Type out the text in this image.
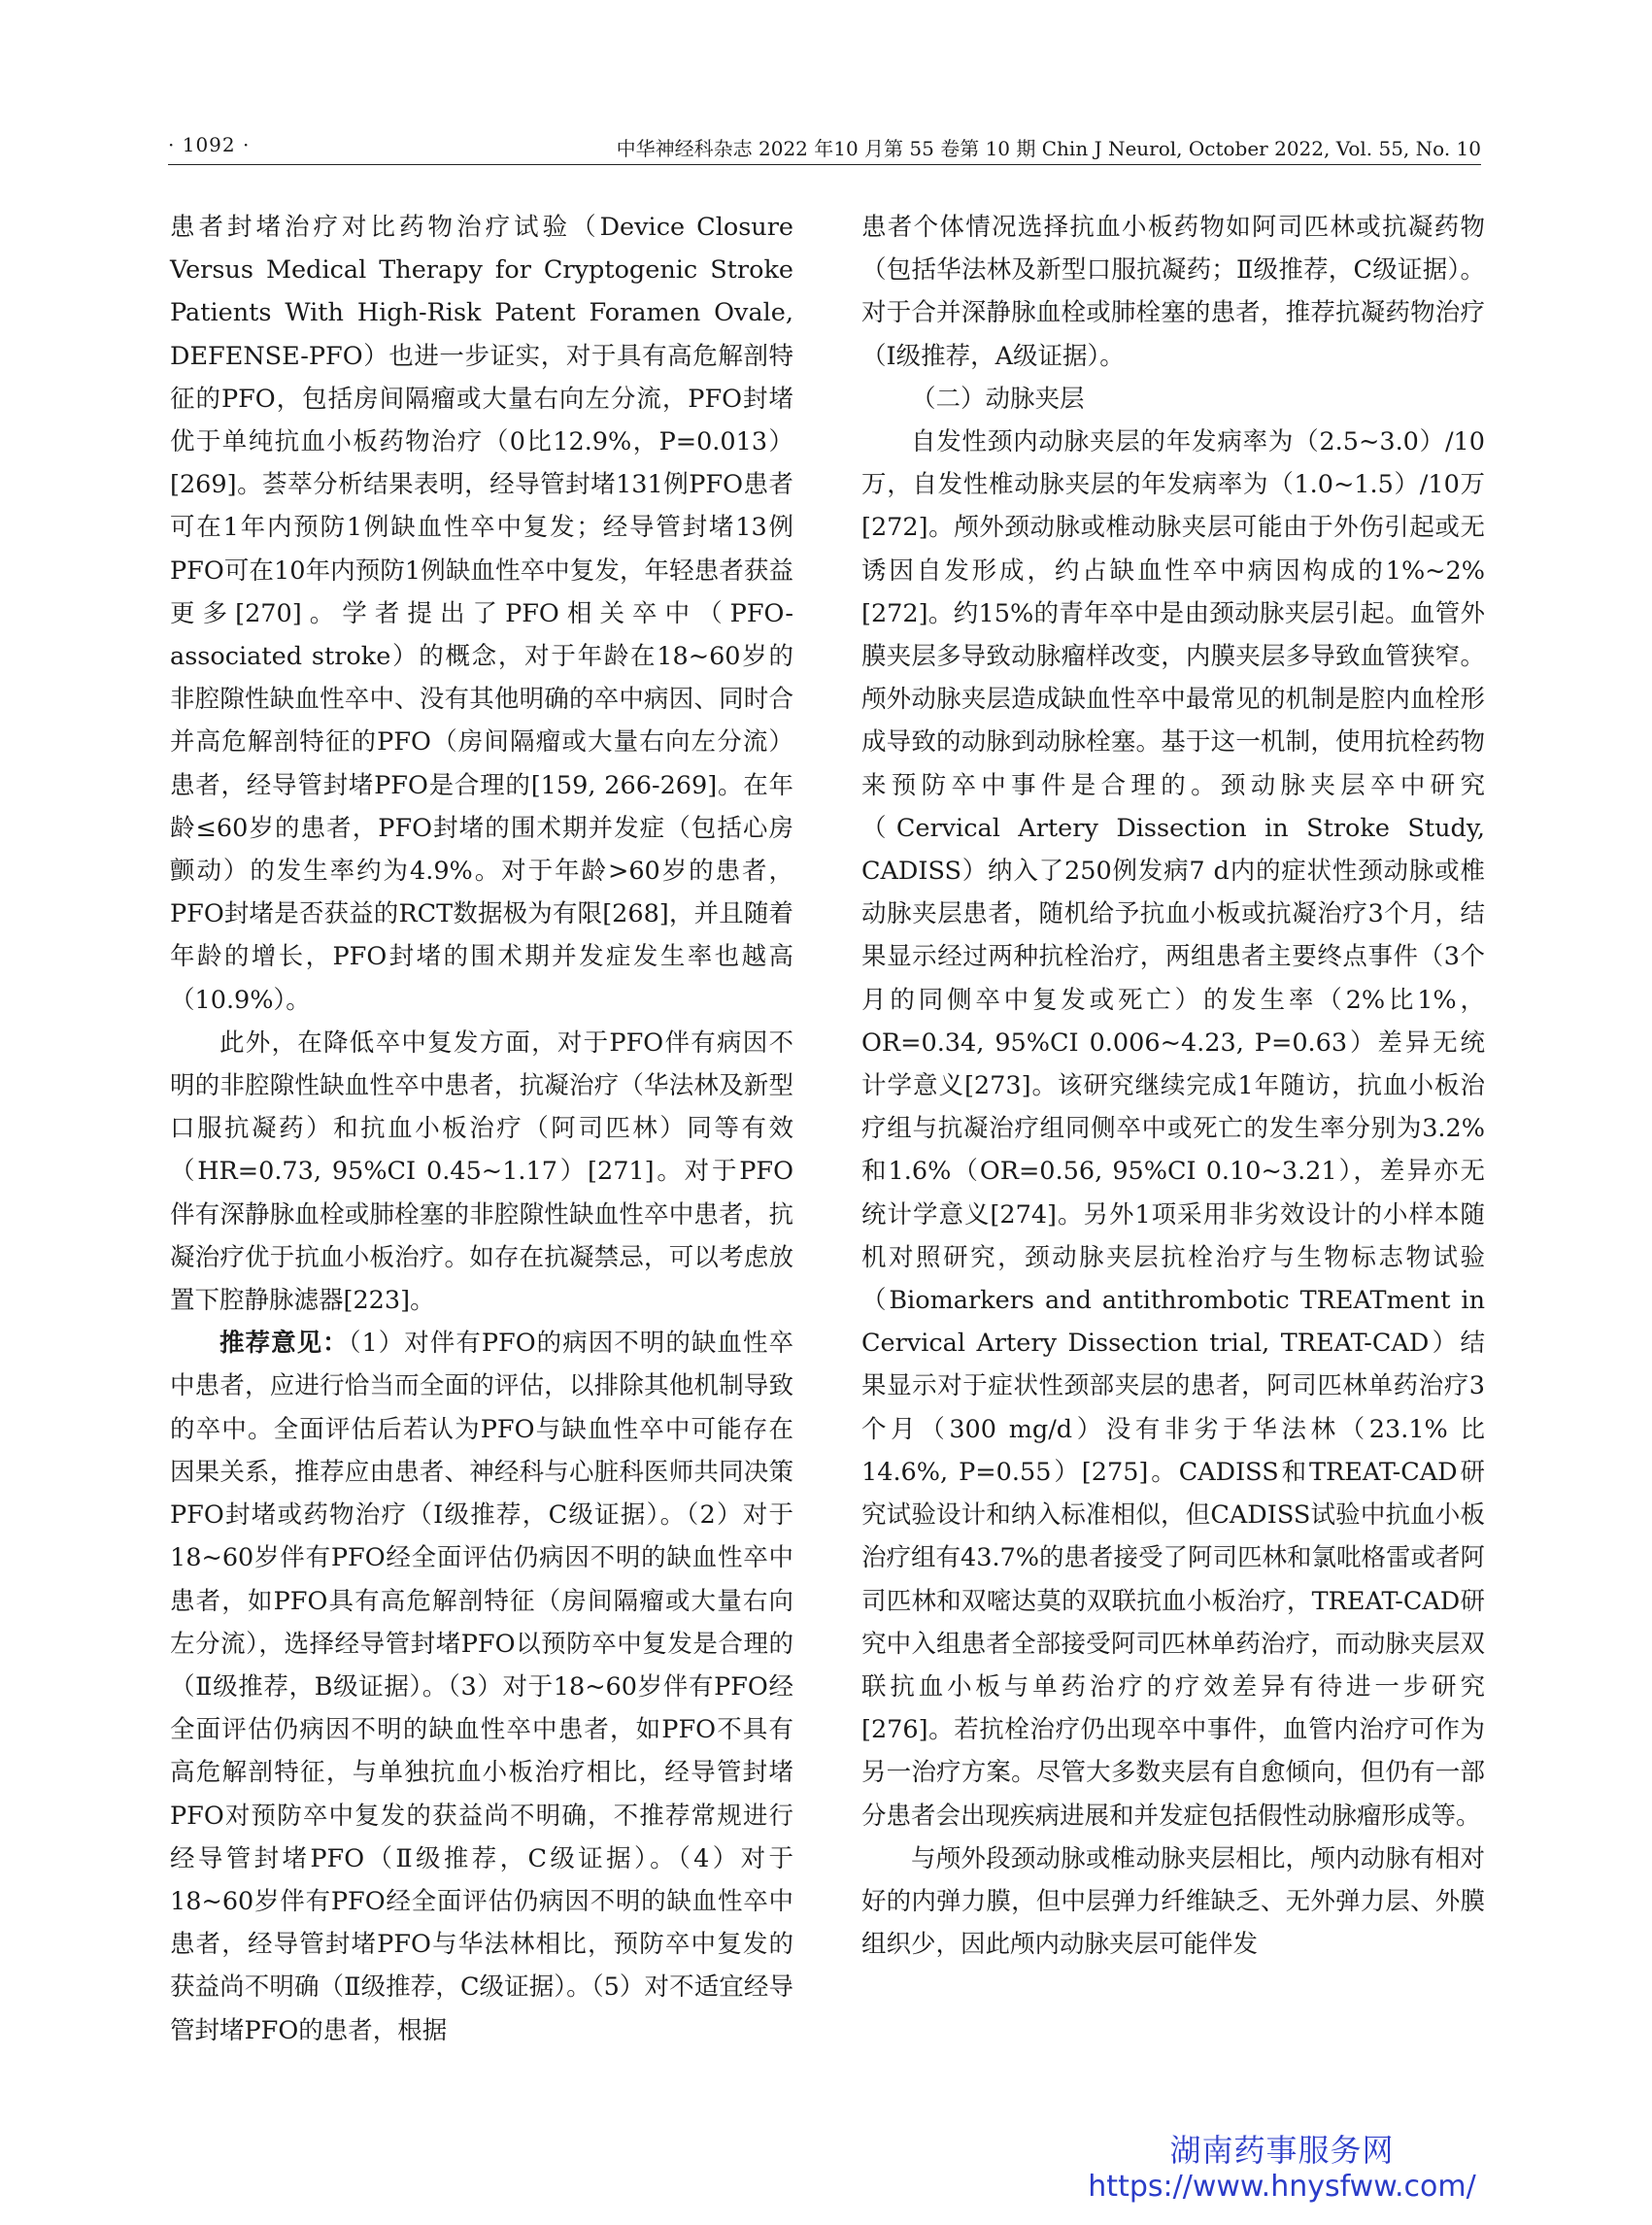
· 1092 ·	中华神经科杂志 2022 年10 月第 55 卷第 10 期 Chin J Neurol, October 2022, Vol. 55, No. 10

患者封堵治疗对比药物治疗试验（Device Closure Versus Medical Therapy for Cryptogenic Stroke Patients With High-Risk Patent Foramen Ovale, DEFENSE-PFO）也进一步证实，对于具有高危解剖特征的PFO，包括房间隔瘤或大量右向左分流，PFO封堵优于单纯抗血小板药物治疗（0比12.9%，P=0.013）[269]。荟萃分析结果表明，经导管封堵131例PFO患者可在1年内预防1例缺血性卒中复发；经导管封堵13例PFO可在10年内预防1例缺血性卒中复发，年轻患者获益更多[270]。学者提出了PFO相关卒中（PFO-associated stroke）的概念，对于年龄在18~60岁的非腔隙性缺血性卒中、没有其他明确的卒中病因、同时合并高危解剖特征的PFO（房间隔瘤或大量右向左分流）患者，经导管封堵PFO是合理的[159, 266-269]。在年龄≤60岁的患者，PFO封堵的围术期并发症（包括心房颤动）的发生率约为4.9%。对于年龄>60岁的患者，PFO封堵是否获益的RCT数据极为有限[268]，并且随着年龄的增长，PFO封堵的围术期并发症发生率也越高（10.9%）。

此外，在降低卒中复发方面，对于PFO伴有病因不明的非腔隙性缺血性卒中患者，抗凝治疗（华法林及新型口服抗凝药）和抗血小板治疗（阿司匹林）同等有效（HR=0.73, 95%CI 0.45~1.17）[271]。对于PFO伴有深静脉血栓或肺栓塞的非腔隙性缺血性卒中患者，抗凝治疗优于抗血小板治疗。如存在抗凝禁忌，可以考虑放置下腔静脉滤器[223]。

推荐意见：（1）对伴有PFO的病因不明的缺血性卒中患者，应进行恰当而全面的评估，以排除其他机制导致的卒中。全面评估后若认为PFO与缺血性卒中可能存在因果关系，推荐应由患者、神经科与心脏科医师共同决策PFO封堵或药物治疗（Ⅰ级推荐，C级证据）。（2）对于18~60岁伴有PFO经全面评估仍病因不明的缺血性卒中患者，如PFO具有高危解剖特征（房间隔瘤或大量右向左分流），选择经导管封堵PFO以预防卒中复发是合理的（Ⅱ级推荐，B级证据）。（3）对于18~60岁伴有PFO经全面评估仍病因不明的缺血性卒中患者，如PFO不具有高危解剖特征，与单独抗血小板治疗相比，经导管封堵PFO对预防卒中复发的获益尚不明确，不推荐常规进行经导管封堵PFO（Ⅱ级推荐，C级证据）。（4）对于18~60岁伴有PFO经全面评估仍病因不明的缺血性卒中患者，经导管封堵PFO与华法林相比，预防卒中复发的获益尚不明确（Ⅱ级推荐，C级证据）。（5）对不适宜经导管封堵PFO的患者，根据

患者个体情况选择抗血小板药物如阿司匹林或抗凝药物（包括华法林及新型口服抗凝药；Ⅱ级推荐，C级证据）。对于合并深静脉血栓或肺栓塞的患者，推荐抗凝药物治疗（Ⅰ级推荐，A级证据）。

（二）动脉夹层

自发性颈内动脉夹层的年发病率为（2.5~3.0）/10万，自发性椎动脉夹层的年发病率为（1.0~1.5）/10万[272]。颅外颈动脉或椎动脉夹层可能由于外伤引起或无诱因自发形成，约占缺血性卒中病因构成的1%~2%[272]。约15%的青年卒中是由颈动脉夹层引起。血管外膜夹层多导致动脉瘤样改变，内膜夹层多导致血管狭窄。颅外动脉夹层造成缺血性卒中最常见的机制是腔内血栓形成导致的动脉到动脉栓塞。基于这一机制，使用抗栓药物来预防卒中事件是合理的。颈动脉夹层卒中研究（Cervical Artery Dissection in Stroke Study, CADISS）纳入了250例发病7 d内的症状性颈动脉或椎动脉夹层患者，随机给予抗血小板或抗凝治疗3个月，结果显示经过两种抗栓治疗，两组患者主要终点事件（3个月的同侧卒中复发或死亡）的发生率（2%比1%，OR=0.34, 95%CI 0.006~4.23, P=0.63）差异无统计学意义[273]。该研究继续完成1年随访，抗血小板治疗组与抗凝治疗组同侧卒中或死亡的发生率分别为3.2%和1.6%（OR=0.56, 95%CI 0.10~3.21），差异亦无统计学意义[274]。另外1项采用非劣效设计的小样本随机对照研究，颈动脉夹层抗栓治疗与生物标志物试验（Biomarkers and antithrombotic TREATment in Cervical Artery Dissection trial, TREAT-CAD）结果显示对于症状性颈部夹层的患者，阿司匹林单药治疗3个月（300 mg/d）没有非劣于华法林（23.1% 比 14.6%, P=0.55）[275]。CADISS和TREAT-CAD研究试验设计和纳入标准相似，但CADISS试验中抗血小板治疗组有43.7%的患者接受了阿司匹林和氯吡格雷或者阿司匹林和双嘧达莫的双联抗血小板治疗，TREAT-CAD研究中入组患者全部接受阿司匹林单药治疗，而动脉夹层双联抗血小板与单药治疗的疗效差异有待进一步研究[276]。若抗栓治疗仍出现卒中事件，血管内治疗可作为另一治疗方案。尽管大多数夹层有自愈倾向，但仍有一部分患者会出现疾病进展和并发症包括假性动脉瘤形成等。

与颅外段颈动脉或椎动脉夹层相比，颅内动脉有相对好的内弹力膜，但中层弹力纤维缺乏、无外弹力层、外膜组织少，因此颅内动脉夹层可能伴发

湖南药事服务网
https://www.hnysfww.com/
